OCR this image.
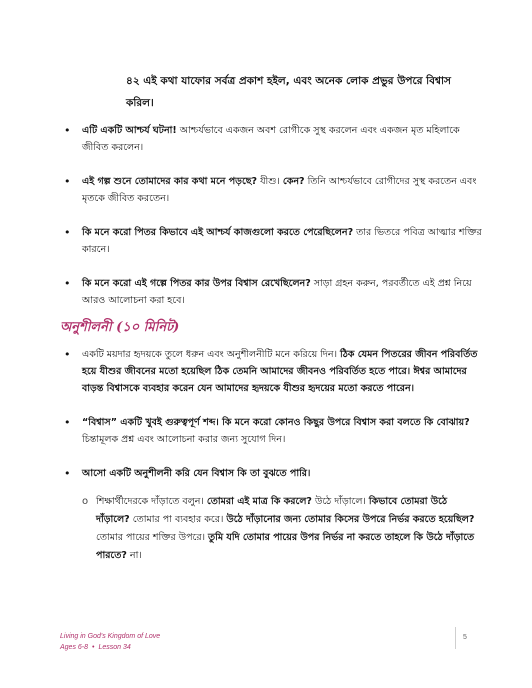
৪২ এই কথা যাফোর সর্বত্র প্রকাশ হইল, এবং অনেক লোক প্রভুর উপরে বিশ্বাস করিল।
• এটি একটি আশ্চর্য ঘটনা! আশ্চর্যভাবে একজন অবশ রোগীকে সুস্থ করলেন এবং একজন মৃত মহিলাকে জীবিত করলেন।
• এই গল্প শুনে তোমাদের কার কথা মনে পড়ছে? যীশু। কেন? তিনি আশ্চর্যভাবে রোগীদের সুস্থ করতেন এবং মৃতকে জীবিত করতেন।
• কি মনে করো পিতর কিভাবে এই আশ্চর্য কাজগুলো করতে পেরেছিলেন? তার ভিতরে পবিত্র আত্মার শক্তির কারনে।
• কি মনে করো এই গল্পে পিতর কার উপর বিশ্বাস রেখেছিলেন? সাড়া গ্রহন করুন, পরবর্তীতে এই প্রশ্ন নিয়ে আরও আলোচনা করা হবে।
অনুশীলনী (১০ মিনিট)
• একটি ময়দার হৃদয়কে তুলে ধরুন এবং অনুশীলনীটি মনে করিয়ে দিন। ঠিক যেমন পিতরের জীবন পরিবর্তিত হয়ে যীশুর জীবনের মতো হয়েছিল ঠিক তেমনি আমাদের জীবনও পরিবর্তিত হতে পারে। ঈশ্বর আমাদের বাড়ন্ত বিশ্বাসকে ব্যবহার করেন যেন আমাদের হৃদয়কে যীশুর হৃদয়ের মতো করতে পারেন।
• “বিশ্বাস” একটি খুবই গুরুত্বপূর্ণ শব্দ। কি মনে করো কোনও কিছুর উপরে বিশ্বাস করা বলতে কি বোঝায়? চিন্তামূলক প্রশ্ন এবং আলোচনা করার জন্য সুযোগ দিন।
• আসো একটি অনুশীলনী করি যেন বিশ্বাস কি তা বুঝতে পারি।
o শিক্ষার্থীদেরকে দাঁড়াতে বলুন। তোমরা এই মাত্র কি করলে? উঠে দাঁড়ালে। কিভাবে তোমরা উঠে দাঁড়ালে? তোমার পা ব্যবহার করে। উঠে দাঁড়ানোর জন্য তোমার কিসের উপরে নির্ভর করতে হয়েছিল? তোমার পায়ের শক্তির উপরে। তুমি যদি তোমার পায়ের উপর নির্ভর না করতে তাহলে কি উঠে দাঁড়াতে পারতে? না।
Living in God's Kingdom of Love
Ages 6-8 • Lesson 34
5
